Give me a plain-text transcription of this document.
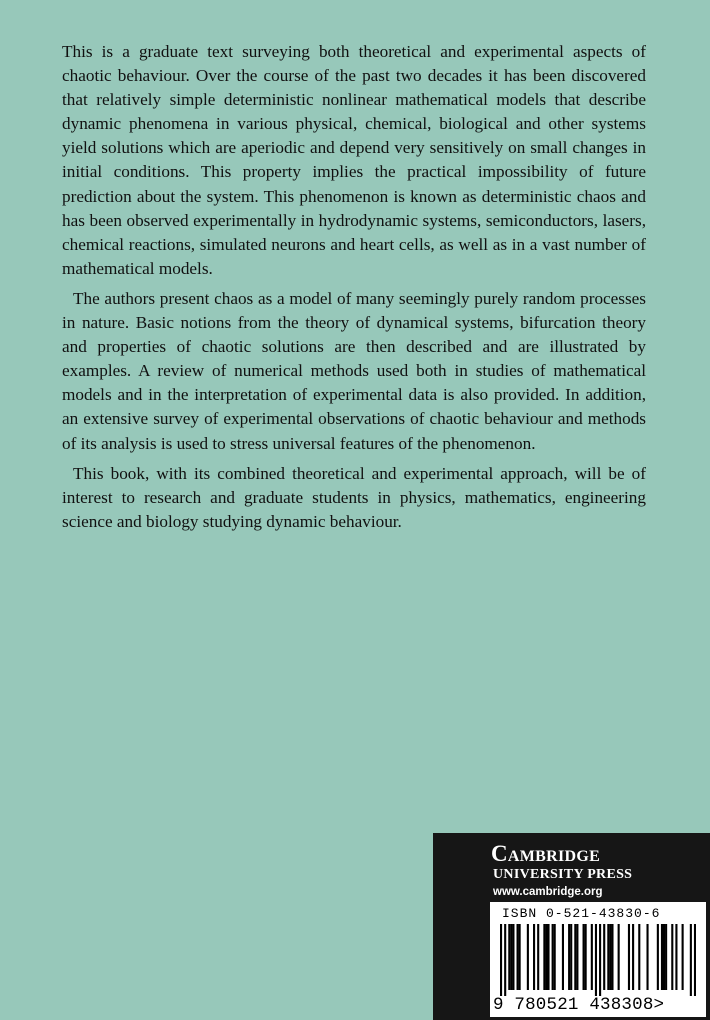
This is a graduate text surveying both theoretical and experimental aspects of chaotic behaviour. Over the course of the past two decades it has been discovered that relatively simple deterministic nonlinear mathematical models that describe dynamic phenomena in various physical, chemical, biological and other systems yield solutions which are aperiodic and depend very sensitively on small changes in initial conditions. This property implies the practical impossibility of future prediction about the system. This phenomenon is known as deterministic chaos and has been observed experimentally in hydrodynamic systems, semiconductors, lasers, chemical reactions, simulated neurons and heart cells, as well as in a vast number of mathematical models.

The authors present chaos as a model of many seemingly purely random processes in nature. Basic notions from the theory of dynamical systems, bifurcation theory and properties of chaotic solutions are then described and are illustrated by examples. A review of numerical methods used both in studies of mathematical models and in the interpretation of experimental data is also provided. In addition, an extensive survey of experimental observations of chaotic behaviour and methods of its analysis is used to stress universal features of the phenomenon.

This book, with its combined theoretical and experimental approach, will be of interest to research and graduate students in physics, mathematics, engineering science and biology studying dynamic behaviour.

Cambridge
UNIVERSITY PRESS
www.cambridge.org
ISBN 0-521-43830-6
9 780521 438308>
